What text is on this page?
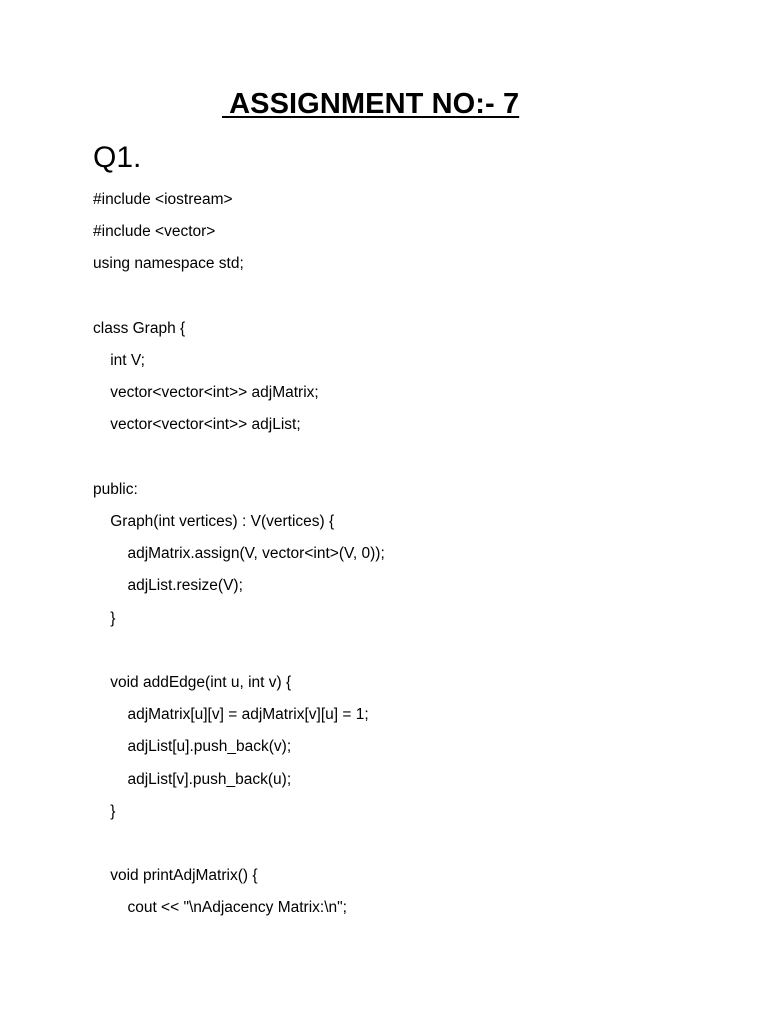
ASSIGNMENT NO:- 7
Q1.
#include <iostream>
#include <vector>
using namespace std;
class Graph {
int V;
vector<vector<int>> adjMatrix;
vector<vector<int>> adjList;
public:
Graph(int vertices) : V(vertices) {
adjMatrix.assign(V, vector<int>(V, 0));
adjList.resize(V);
}
void addEdge(int u, int v) {
adjMatrix[u][v] = adjMatrix[v][u] = 1;
adjList[u].push_back(v);
adjList[v].push_back(u);
}
void printAdjMatrix() {
cout << "\nAdjacency Matrix:\n";
